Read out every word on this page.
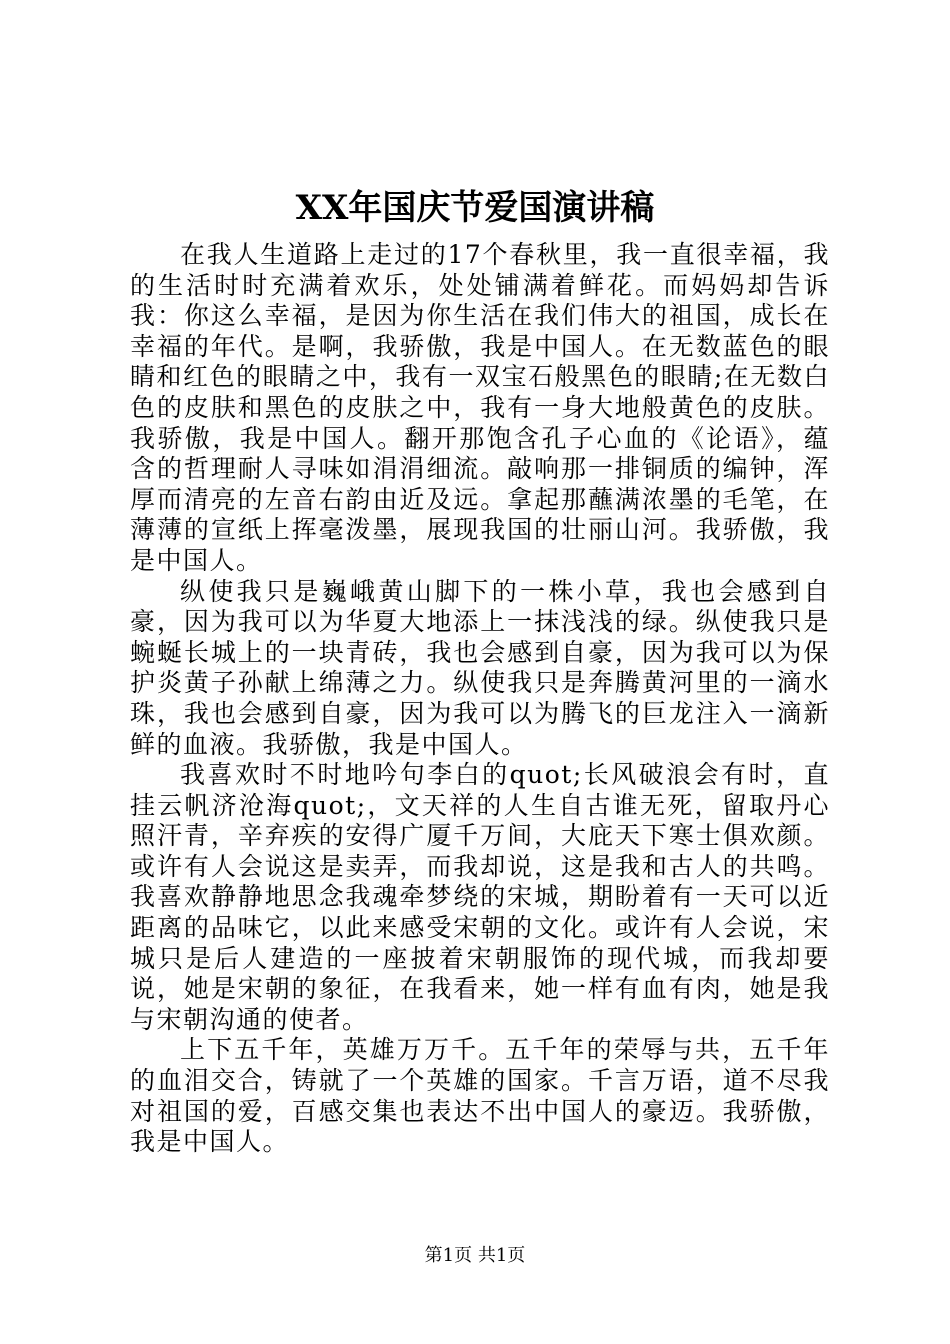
XX年国庆节爱国演讲稿

在我人生道路上走过的17个春秋里，我一直很幸福，我的生活时时充满着欢乐，处处铺满着鲜花。而妈妈却告诉我：你这么幸福，是因为你生活在我们伟大的祖国，成长在幸福的年代。是啊，我骄傲，我是中国人。在无数蓝色的眼睛和红色的眼睛之中，我有一双宝石般黑色的眼睛;在无数白色的皮肤和黑色的皮肤之中，我有一身大地般黄色的皮肤。我骄傲，我是中国人。翻开那饱含孔子心血的《论语》，蕴含的哲理耐人寻味如涓涓细流。敲响那一排铜质的编钟，浑厚而清亮的左音右韵由近及远。拿起那蘸满浓墨的毛笔，在薄薄的宣纸上挥毫泼墨，展现我国的壮丽山河。我骄傲，我是中国人。

纵使我只是巍峨黄山脚下的一株小草，我也会感到自豪，因为我可以为华夏大地添上一抹浅浅的绿。纵使我只是蜿蜒长城上的一块青砖，我也会感到自豪，因为我可以为保护炎黄子孙献上绵薄之力。纵使我只是奔腾黄河里的一滴水珠，我也会感到自豪，因为我可以为腾飞的巨龙注入一滴新鲜的血液。我骄傲，我是中国人。

我喜欢时不时地吟句李白的quot;长风破浪会有时，直挂云帆济沧海quot;，文天祥的人生自古谁无死，留取丹心照汗青，辛弃疾的安得广厦千万间，大庇天下寒士俱欢颜。或许有人会说这是卖弄，而我却说，这是我和古人的共鸣。我喜欢静静地思念我魂牵梦绕的宋城，期盼着有一天可以近距离的品味它，以此来感受宋朝的文化。或许有人会说，宋城只是后人建造的一座披着宋朝服饰的现代城，而我却要说，她是宋朝的象征，在我看来，她一样有血有肉，她是我与宋朝沟通的使者。

上下五千年，英雄万万千。五千年的荣辱与共，五千年的血泪交合，铸就了一个英雄的国家。千言万语，道不尽我对祖国的爱，百感交集也表达不出中国人的豪迈。我骄傲，我是中国人。

第1页 共1页
